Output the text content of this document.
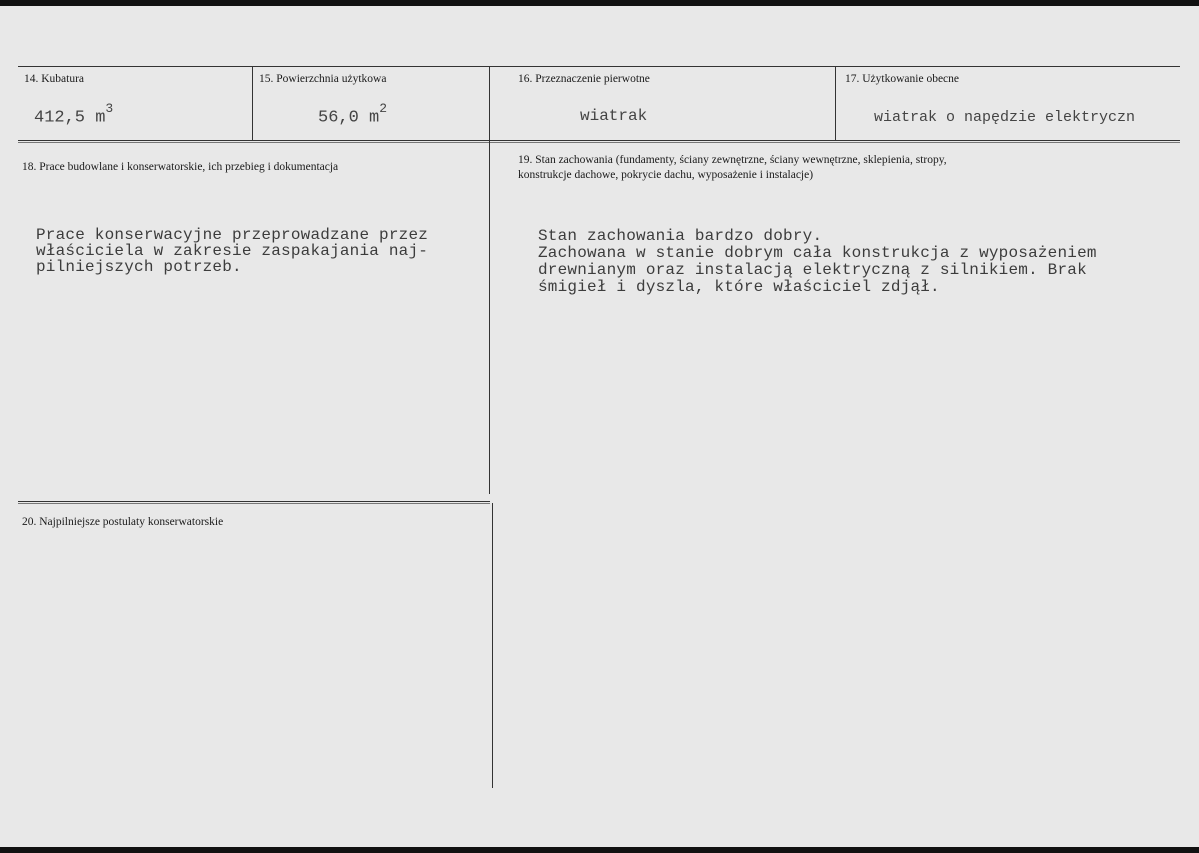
14. Kubatura
412,5 $m^3$
15. Powierzchnia użytkowa
56,0 $m^2$
16. Przeznaczenie pierwotne
wiatrak
17. Użytkowanie obecne
wiatrak o napędzie elektryczn
18. Prace budowlane i konserwatorskie, ich przebieg i dokumentacja
Prace konserwacyjne przeprowadzane przez
właściciela w zakresie zaspakajania naj-
pilniejszych potrzeb.
19. Stan zachowania (fundamenty, ściany zewnętrzne, ściany wewnętrzne, sklepienia, stropy,
konstrukcje dachowe, pokrycie dachu, wyposażenie i instalacje)
Stan zachowania bardzo dobry.
Zachowana w stanie dobrym cała konstrukcja z wyposażeniem
drewnianym oraz instalacją elektryczną z silnikiem. Brak
śmigieł i dyszla, które właściciel zdjął.
20. Najpilniejsze postulaty konserwatorskie
